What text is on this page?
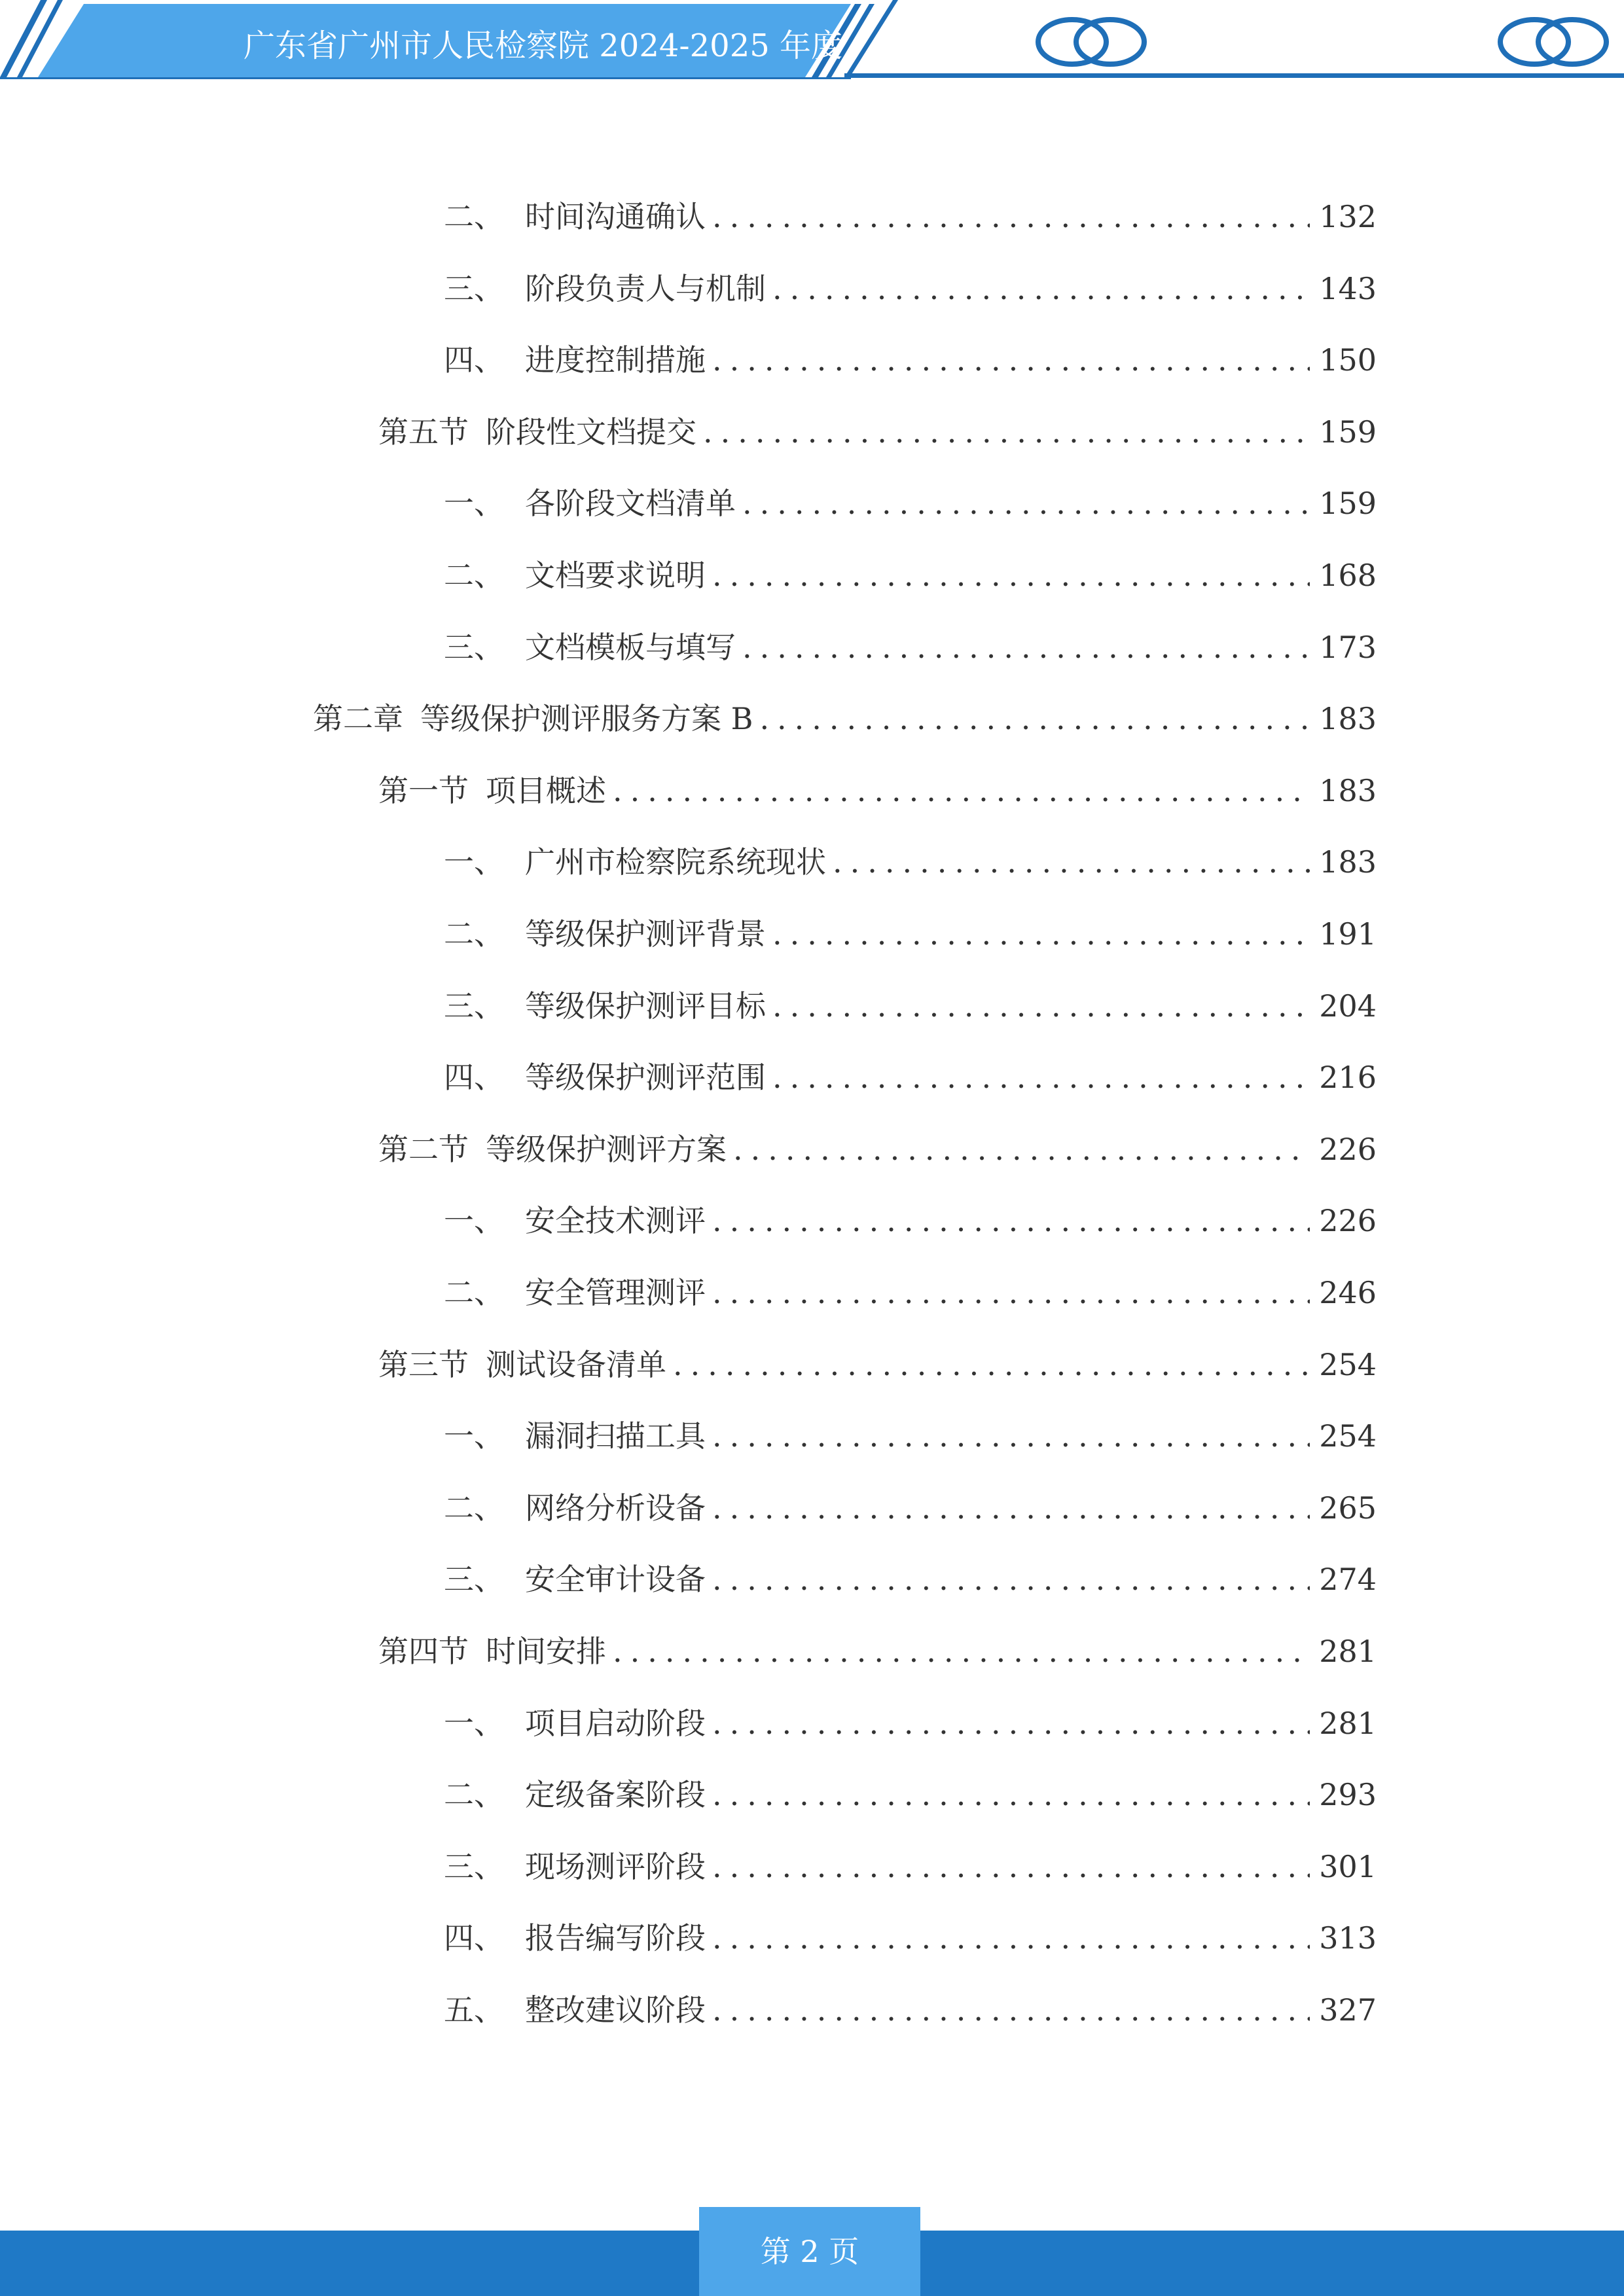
广东省广州市人民检察院 2024-2025 年度
二、 时间沟通确认 .....	132
三、 阶段负责人与机制 .....	143
四、 进度控制措施 .....	150
第五节 阶段性文档提交 .....	159
一、 各阶段文档清单 .....	159
二、 文档要求说明 .....	168
三、 文档模板与填写 .....	173
第二章 等级保护测评服务方案 B .....	183
第一节 项目概述 .....	183
一、 广州市检察院系统现状 .....	183
二、 等级保护测评背景 .....	191
三、 等级保护测评目标 .....	204
四、 等级保护测评范围 .....	216
第二节 等级保护测评方案 .....	226
一、 安全技术测评 .....	226
二、 安全管理测评 .....	246
第三节 测试设备清单 .....	254
一、 漏洞扫描工具 .....	254
二、 网络分析设备 .....	265
三、 安全审计设备 .....	274
第四节 时间安排 .....	281
一、 项目启动阶段 .....	281
二、 定级备案阶段 .....	293
三、 现场测评阶段 .....	301
四、 报告编写阶段 .....	313
五、 整改建议阶段 .....	327
第 2 页
